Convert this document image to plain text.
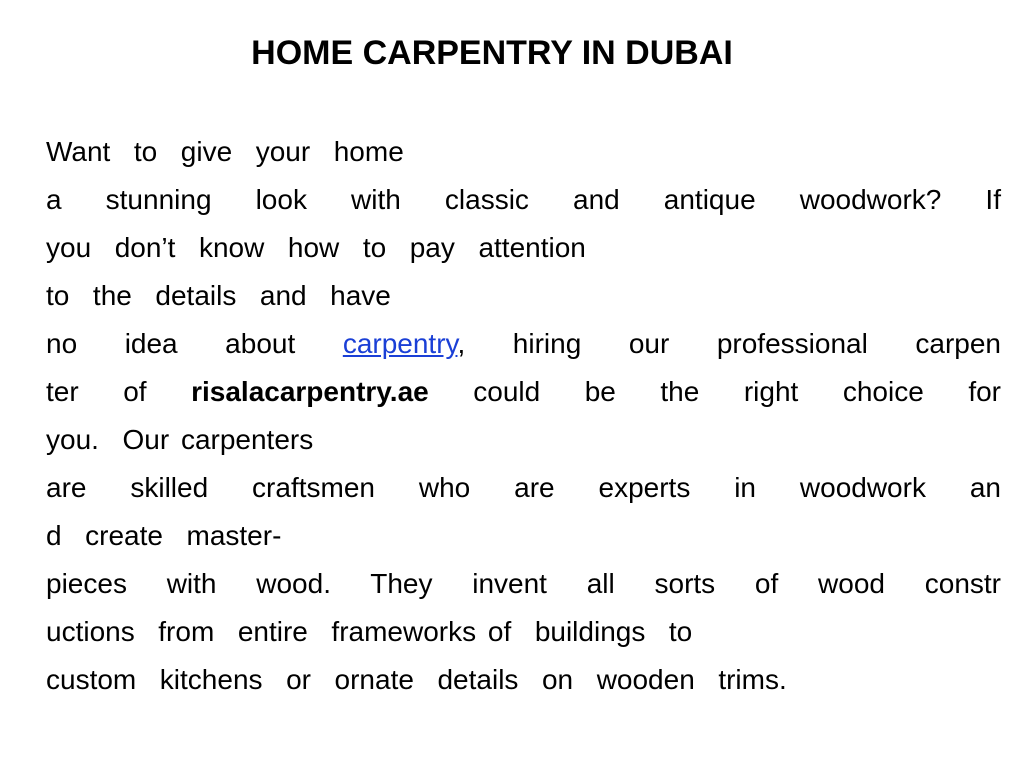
HOME CARPENTRY IN DUBAI
Want  to  give  your  home
a stunning look with classic and antique woodwork? If
you  don’t  know  how  to  pay  attention
to  the  details  and  have
no idea about carpentry, hiring our professional carpen
ter of risalacarpentry.ae could be the right choice for
you.  Our carpenters
are skilled craftsmen who are experts in woodwork an
d  create  master-
pieces with wood. They invent all sorts of wood constr
uctions  from  entire  frameworks of  buildings  to
custom  kitchens  or  ornate  details  on  wooden  trims.
